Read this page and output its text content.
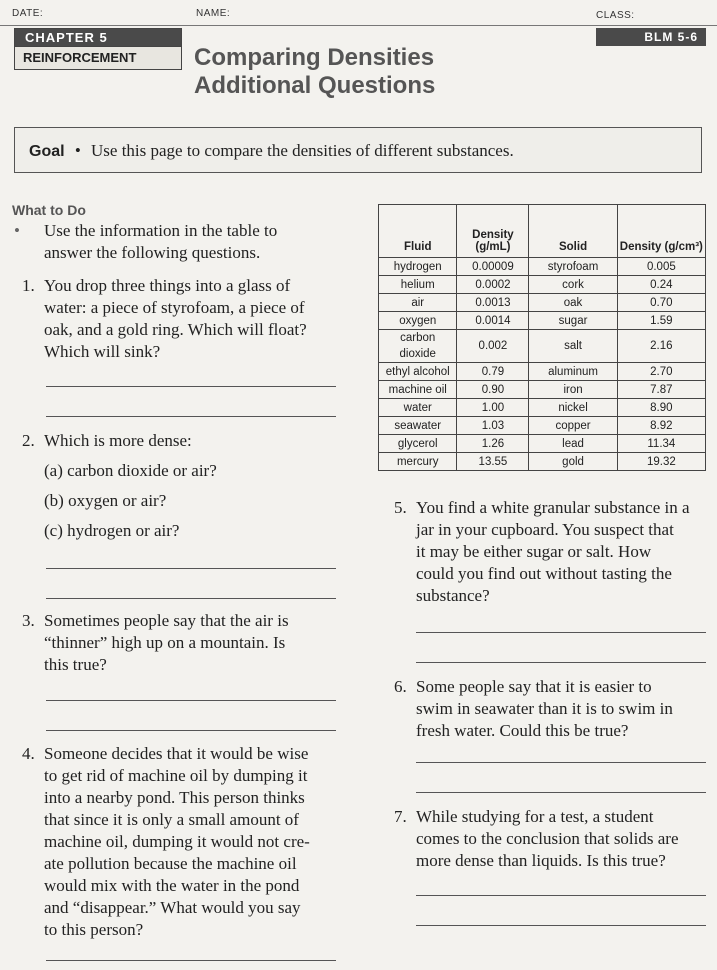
DATE:	NAME:	CLASS:
CHAPTER 5
REINFORCEMENT	Comparing Densities
Additional Questions
BLM 5-6
Goal • Use this page to compare the densities of different substances.
What to Do
• Use the information in the table to
answer the following questions.
1. You drop three things into a glass of
water: a piece of styrofoam, a piece of
oak, and a gold ring. Which will float?
Which will sink?
2. Which is more dense:
(a) carbon dioxide or air?
(b) oxygen or air?
(c) hydrogen or air?
3. Sometimes people say that the air is
“thinner” high up on a mountain. Is
this true?
4. Someone decides that it would be wise
to get rid of machine oil by dumping it
into a nearby pond. This person thinks
that since it is only a small amount of
machine oil, dumping it would not cre-
ate pollution because the machine oil
would mix with the water in the pond
and “disappear.” What would you say
to this person?
Fluid	Density (g/mL)	Solid	Density (g/cm³)
hydrogen	0.00009	styrofoam	0.005
helium	0.0002	cork	0.24
air	0.0013	oak	0.70
oxygen	0.0014	sugar	1.59
carbon dioxide	0.002	salt	2.16
ethyl alcohol	0.79	aluminum	2.70
machine oil	0.90	iron	7.87
water	1.00	nickel	8.90
seawater	1.03	copper	8.92
glycerol	1.26	lead	11.34
mercury	13.55	gold	19.32
5. You find a white granular substance in a
jar in your cupboard. You suspect that
it may be either sugar or salt. How
could you find out without tasting the
substance?
6. Some people say that it is easier to
swim in seawater than it is to swim in
fresh water. Could this be true?
7. While studying for a test, a student
comes to the conclusion that solids are
more dense than liquids. Is this true?
